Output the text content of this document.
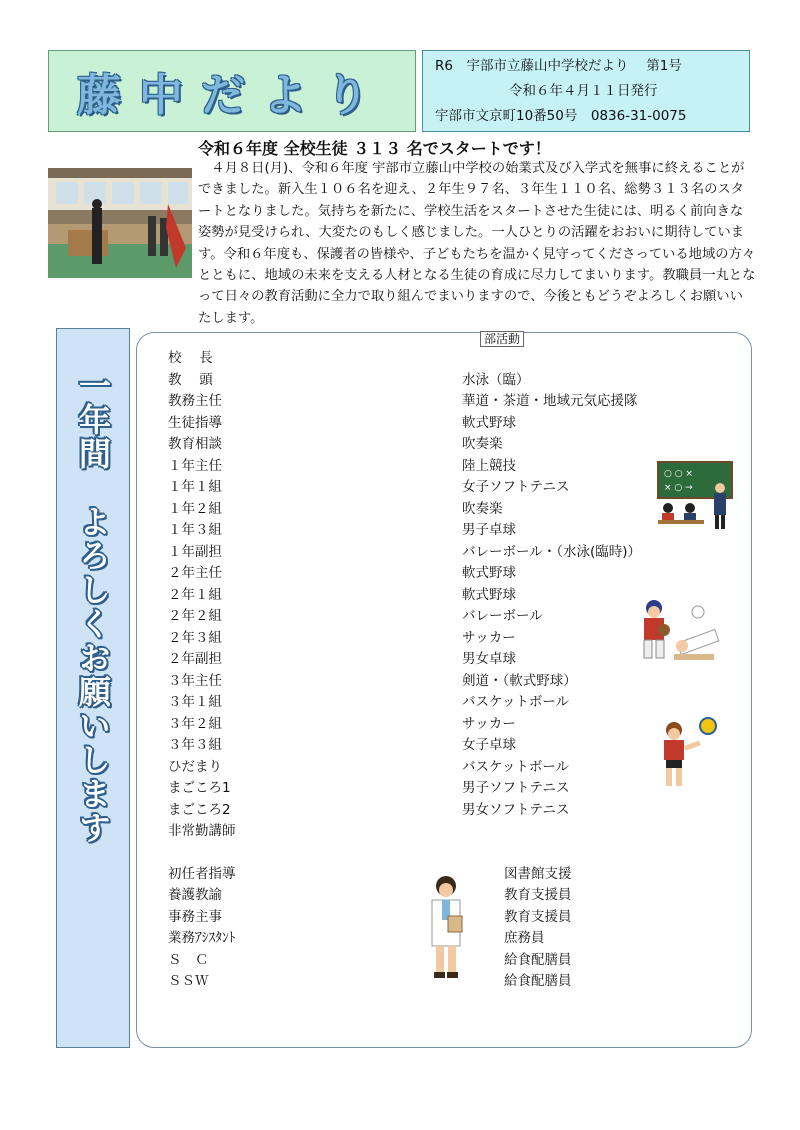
藤中だより
R6　宇部市立藤山中学校だより　 第1号
令和６年４月１１日発行
宇部市文京町10番50号　0836-31-0075
令和６年度 全校生徒 ３１３ 名でスタートです！
　４月８日(月)、令和６年度 宇部市立藤山中学校の始業式及び入学式を無事に終えることができました。新入生１０６名を迎え、２年生９７名、３年生１１０名、総勢３１３名のスタートとなりました。気持ちを新たに、学校生活をスタートさせた生徒には、明るく前向きな姿勢が見受けられ、大変たのもしく感じました。一人ひとりの活躍をおおいに期待しています。令和６年度も、保護者の皆様や、子どもたちを温かく見守ってくださっている地域の方々とともに、地域の未来を支える人材となる生徒の育成に尽力してまいります。教職員一丸となって日々の教育活動に全力で取り組んでまいりますので、今後ともどうぞよろしくお願いいたします。
一年間　よろしくお願いします
部活動
校　 長
教　 頭
教務主任
生徒指導
教育相談
１年主任
１年１組
１年２組
１年３組
１年副担
２年主任
２年１組
２年２組
２年３組
２年副担
３年主任
３年１組
３年２組
３年３組
ひだまり
まごころ1
まごころ2
非常勤講師
水泳（臨）
華道・茶道・地域元気応援隊
軟式野球
吹奏楽
陸上競技
女子ソフトテニス
吹奏楽
男子卓球
バレーボール・（水泳(臨時)）
軟式野球
軟式野球
バレーボール
サッカー
男女卓球
剣道・（軟式野球）
バスケットボール
サッカー
女子卓球
バスケットボール
男子ソフトテニス
男女ソフトテニス
初任者指導
養護教諭
事務主事
業務ｱｼｽﾀﾝﾄ
Ｓ　Ｃ
ＳＳＷ
図書館支援
教育支援員
教育支援員
庶務員
給食配膳員
給食配膳員
○ ○ ×
× ○ →
